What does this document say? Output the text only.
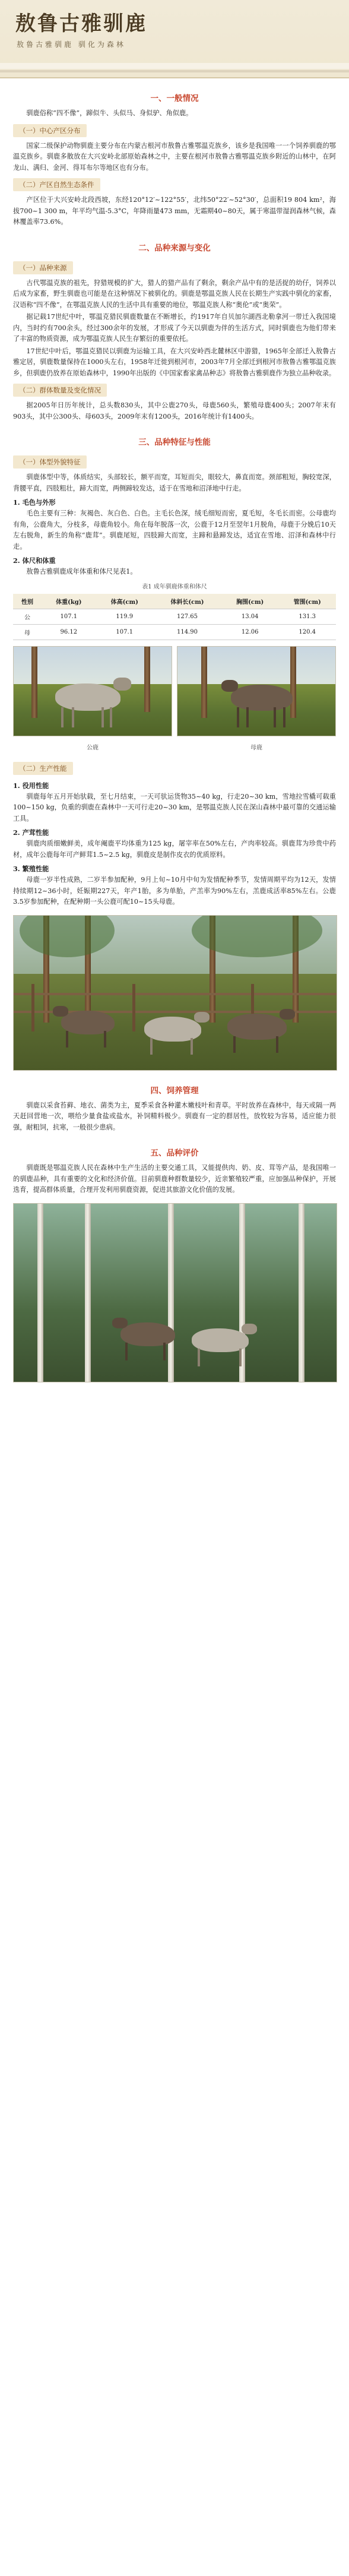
敖鲁古雅驯鹿
敖鲁古雅驯鹿 驯化为森林
一、一般情况

驯鹿俗称“四不像”，蹄似牛、头似马、身似驴、角似鹿。

（一）中心产区分布

国家二级保护动物驯鹿主要分布在内蒙古根河市敖鲁古雅鄂温克族乡，该乡是我国唯一一个饲养驯鹿的鄂温克族乡。驯鹿多散放在大兴安岭北部原始森林之中，主要在根河市敖鲁古雅鄂温克族乡附近的山林中，在阿龙山、满归、金河、得耳布尔等地区也有分布。

（二）产区自然生态条件

产区位于大兴安岭北段西坡，东经120°12′~122°55′，北纬50°22′~52°30′，总面积19 804 km²，海拔700~1 300 m，年平均气温-5.3°C，年降雨量473 mm，无霜期40~80天，属于寒温带湿润森林气候，森林覆盖率73.6%。

二、品种来源与变化
（一）品种来源

古代鄂温克族的祖先，狩猎规模的扩大，猎人的猎产品有了剩余，剩余产品中有的是活捉的幼仔，饲养以后成为家畜，野生驯鹿也可能是在这种情况下被驯化的。驯鹿是鄂温克族人民在长期生产实践中驯化的家畜，汉语称“四不像”，在鄂温克族人民的生活中具有重要的地位，鄂温克族人称“奥伦”或“奥荣”。

据记载17世纪中叶，鄂温克猎民驯鹿数量在不断增长，约1917年自贝加尔湖西北勒拿河一带迁入我国境内，当时约有700余头，经过300余年的发展，才形成了今天以驯鹿为伴的生活方式，同时驯鹿也为他们带来了丰富的物质资源，成为鄂温克族人民生存繁衍的重要依托。

17世纪中叶后，鄂温克猎民以驯鹿为运输工具，在大兴安岭西北麓林区中游猎，1965年全部迁入敖鲁古雅定居，驯鹿数量保持在1000头左右，1958年迁徙到根河市，2003年7月全部迁到根河市敖鲁古雅鄂温克族乡，但驯鹿仍放养在原始森林中，1990年出版的《中国家畜家禽品种志》将敖鲁古雅驯鹿作为独立品种收录。

（二）群体数量及变化情况

据2005年日历年统计，总头数830头，其中公鹿270头，母鹿560头，繁殖母鹿400头；2007年末有903头，其中公300头、母603头，2009年末有1200头，2016年统计有1400头。

三、品种特征与性能
（一）体型外貌特征

驯鹿体型中等，体质结实，头部较长，额平而宽，耳短而尖，眼较大，鼻直而宽。颈部粗短，胸较宽深，背腰平直，四肢粗壮，蹄大而宽，两侧蹄较发达，适于在雪地和沼泽地中行走。

1. 毛色与外形

毛色主要有三种：灰褐色、灰白色、白色。主毛长色深，绒毛细短而密，夏毛短，冬毛长而密。公母鹿均有角，公鹿角大，分枝多，母鹿角较小。角在每年脱落一次，公鹿于12月至翌年1月脱角，母鹿于分娩后10天左右脱角，新生的角称“鹿茸”。驯鹿尾短，四肢蹄大而宽，主蹄和悬蹄发达，适宜在雪地、沼泽和森林中行走。

2. 体尺和体重

敖鲁古雅驯鹿成年体重和体尺见表1。

表1 成年驯鹿体重和体尺
性别	体重(kg)	体高(cm)	体斜长(cm)	胸围(cm)	管围(cm)
公	107.1	119.9	127.65	13.04	131.3
母	96.12	107.1	114.90	12.06	120.4
公鹿	母鹿
（二）生产性能
1. 役用性能

驯鹿每年五月开始驮载，至七月结束，一天可驮运货物35~40 kg，行走20~30 km，雪地拉雪橇可载重100~150 kg，负重的驯鹿在森林中一天可行走20~30 km，是鄂温克族人民在深山森林中最可靠的交通运输工具。

2. 产茸性能

驯鹿肉质细嫩鲜美，成年阉鹿平均体重为125 kg，屠宰率在50%左右，产肉率较高。驯鹿茸为珍贵中药材，成年公鹿每年可产鲜茸1.5~2.5 kg，驯鹿皮是制作皮衣的优质原料。

3. 繁殖性能

母鹿一岁半性成熟，二岁半参加配种，9月上旬~10月中旬为发情配种季节，发情周期平均为12天，发情持续期12~36小时，妊娠期227天，年产1胎，多为单胎，产羔率为90%左右，羔鹿成活率85%左右。公鹿3.5岁参加配种，在配种期一头公鹿可配10~15头母鹿。

四、饲养管理

驯鹿以采食苔藓、地衣、菌类为主，夏季采食各种灌木嫩枝叶和青草。平时放养在森林中，每天或隔一两天赶回营地一次，喂给少量食盐或盐水，补饲精料极少。驯鹿有一定的群居性，放牧较为容易，适应能力很强，耐粗饲，抗寒，一般很少患病。

五、品种评价

驯鹿既是鄂温克族人民在森林中生产生活的主要交通工具，又能提供肉、奶、皮、茸等产品，是我国唯一的驯鹿品种，具有重要的文化和经济价值。目前驯鹿种群数量较少，近亲繁殖较严重，应加强品种保护，开展选育，提高群体质量，合理开发利用驯鹿资源，促进其旅游文化价值的发展。
